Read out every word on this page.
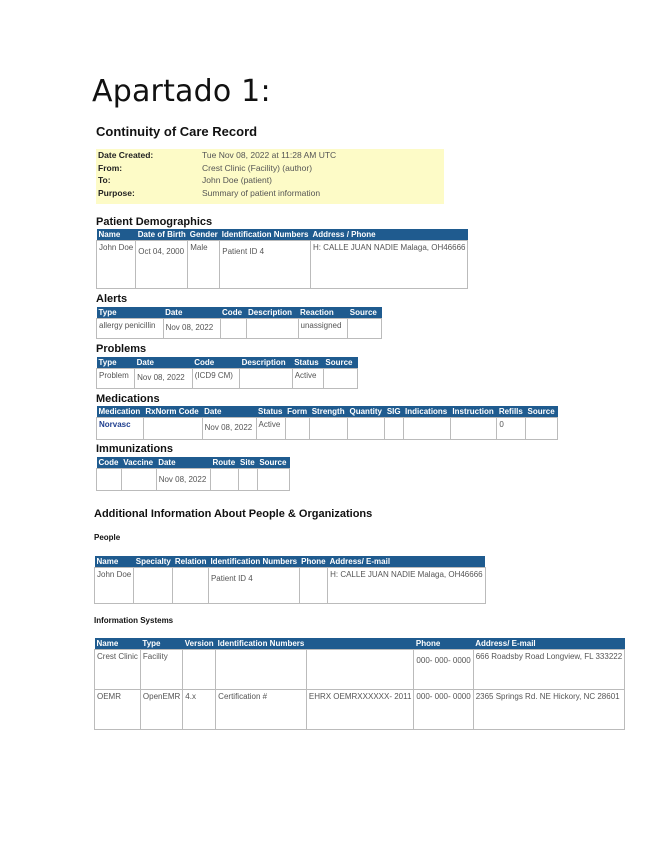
Apartado 1:
Continuity of Care Record
Date Created:	Tue Nov 08, 2022 at 11:28 AM UTC
From:	Crest Clinic (Facility) (author)
To:	John Doe (patient)
Purpose:	Summary of patient information
Patient Demographics
Name	Date of Birth	Gender	Identification Numbers	Address / Phone
John Doe	Oct 04, 2000	Male	Patient ID 4	H: CALLE JUAN NADIE Malaga, OH46666
Alerts
Type	Date	Code	Description	Reaction	Source
allergy penicillin	Nov 08, 2022			unassigned	
Problems
Type	Date	Code	Description	Status	Source
Problem	Nov 08, 2022	(ICD9 CM)		Active	
Medications
Medication	RxNorm Code	Date	Status	Form	Strength	Quantity	SIG	Indications	Instruction	Refills	Source
Norvasc		Nov 08, 2022	Active							0	
Immunizations
Code	Vaccine	Date	Route	Site	Source
		Nov 08, 2022			
Additional Information About People & Organizations
People
Name	Specialty	Relation	Identification Numbers	Phone	Address/ E-mail
John Doe			Patient ID 4		H: CALLE JUAN NADIE Malaga, OH46666
Information Systems
Name	Type	Version	Identification Numbers		Phone	Address/ E-mail
Crest Clinic	Facility				000- 000- 0000	666 Roadsby Road Longview, FL 333222
OEMR	OpenEMR	4.x	Certification #	EHRX OEMRXXXXXX- 2011	000- 000- 0000	2365 Springs Rd. NE Hickory, NC 28601
